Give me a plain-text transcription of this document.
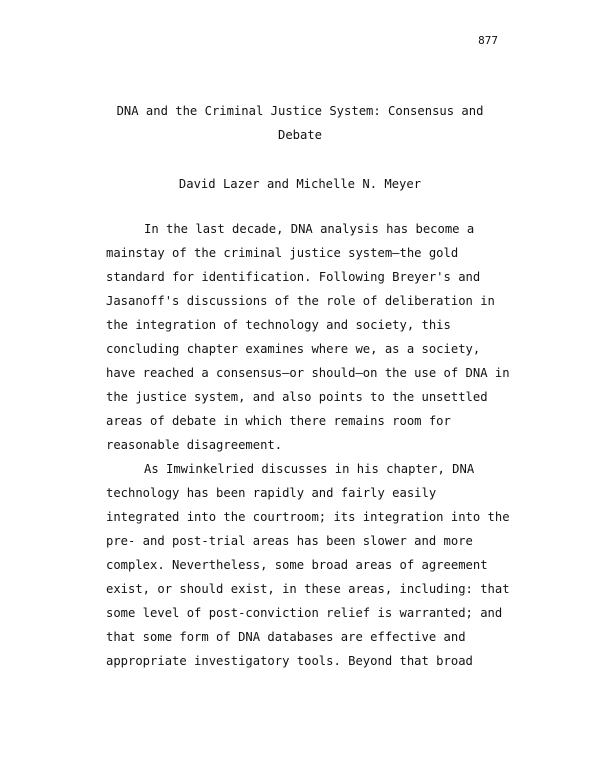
877
DNA and the Criminal Justice System: Consensus and
Debate
David Lazer and Michelle N. Meyer
In the last decade, DNA analysis has become a
mainstay of the criminal justice system—the gold
standard for identification. Following Breyer's and
Jasanoff's discussions of the role of deliberation in
the integration of technology and society, this
concluding chapter examines where we, as a society,
have reached a consensus—or should—on the use of DNA in
the justice system, and also points to the unsettled
areas of debate in which there remains room for
reasonable disagreement.
As Imwinkelried discusses in his chapter, DNA
technology has been rapidly and fairly easily
integrated into the courtroom; its integration into the
pre- and post-trial areas has been slower and more
complex. Nevertheless, some broad areas of agreement
exist, or should exist, in these areas, including: that
some level of post-conviction relief is warranted; and
that some form of DNA databases are effective and
appropriate investigatory tools. Beyond that broad
